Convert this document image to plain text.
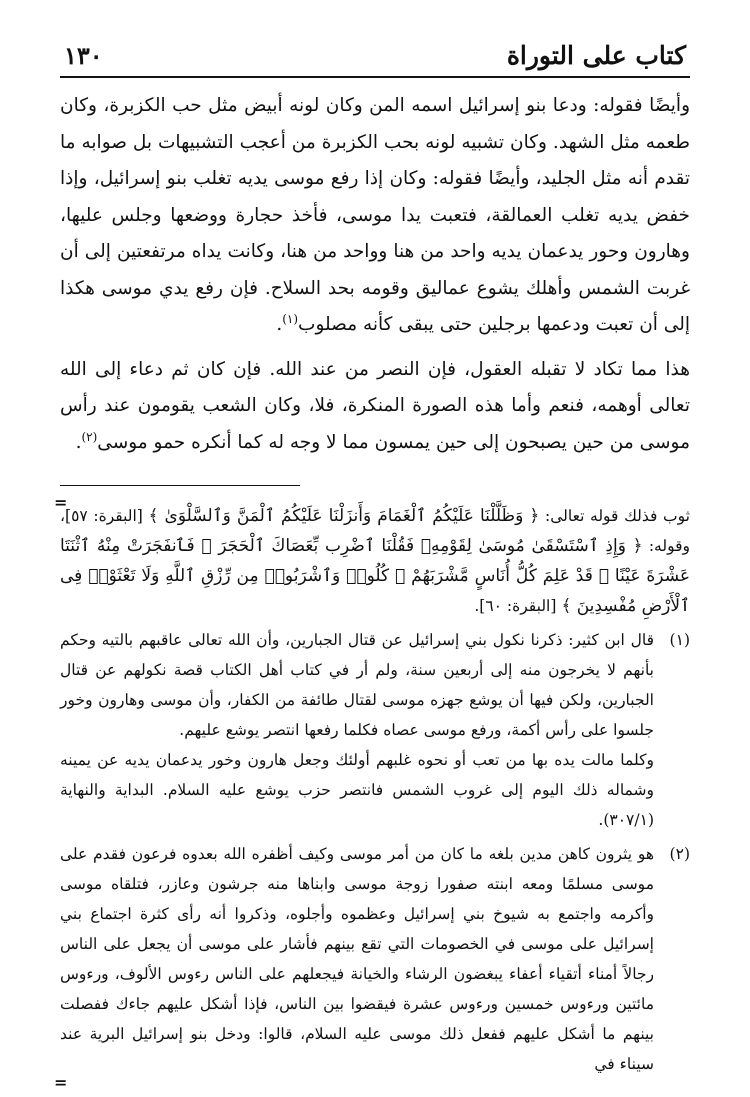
كتاب على التوراة
١٣٠

وأيضًا فقوله: ودعا بنو إسرائيل اسمه المن وكان لونه أبيض مثل حب الكزبرة، وكان طعمه مثل الشهد. وكان تشبيه لونه بحب الكزبرة من أعجب التشبيهات بل صوابه ما تقدم أنه مثل الجليد، وأيضًا فقوله: وكان إذا رفع موسى يديه تغلب بنو إسرائيل، وإذا خفض يديه تغلب العمالقة، فتعبت يدا موسى، فأخذ حجارة ووضعها وجلس عليها، وهارون وحور يدعمان يديه واحد من هنا وواحد من هنا، وكانت يداه مرتفعتين إلى أن غربت الشمس وأهلك يشوع عماليق وقومه بحد السلاح. فإن رفع يدي موسى هكذا إلى أن تعبت ودعمها برجلين حتى يبقى كأنه مصلوب$^{(١)}$.

هذا مما تكاد لا تقبله العقول، فإن النصر من عند الله. فإن كان ثم دعاء إلى الله تعالى أوهمه، فنعم وأما هذه الصورة المنكرة، فلا، وكان الشعب يقومون عند رأس موسى من حين يصبحون إلى حين يمسون مما لا وجه له كما أنكره حمو موسى$^{(٢)}$.

=
ثوب فذلك قوله تعالى: ﴿ وَظَلَّلْنَا عَلَيْكُمُ ٱلْغَمَامَ وَأَنزَلْنَا عَلَيْكُمُ ٱلْمَنَّ وَٱلسَّلْوَىٰ ﴾ [البقرة: ٥٧]، وقوله: ﴿ وَإِذِ ٱسْتَسْقَىٰ مُوسَىٰ لِقَوْمِهِۦ فَقُلْنَا ٱضْرِب بِّعَصَاكَ ٱلْحَجَرَ ۖ فَٱنفَجَرَتْ مِنْهُ ٱثْنَتَا عَشْرَةَ عَيْنًا ۖ قَدْ عَلِمَ كُلُّ أُنَاسٍ مَّشْرَبَهُمْ ۖ كُلُوا۟ وَٱشْرَبُوا۟ مِن رِّزْقِ ٱللَّهِ وَلَا تَعْثَوْا۟ فِى ٱلْأَرْضِ مُفْسِدِينَ ﴾ [البقرة: ٦٠].
(١)

قال ابن كثير: ذكرنا نكول بني إسرائيل عن قتال الجبارين، وأن الله تعالى عاقبهم بالتيه وحكم بأنهم لا يخرجون منه إلى أربعين سنة، ولم أر في كتاب أهل الكتاب قصة نكولهم عن قتال الجبارين، ولكن فيها أن يوشع جهزه موسى لقتال طائفة من الكفار، وأن موسى وهارون وخور جلسوا على رأس أكمة، ورفع موسى عصاه فكلما رفعها انتصر يوشع عليهم.

وكلما مالت يده بها من تعب أو نحوه غلبهم أولئك وجعل هارون وخور يدعمان يديه عن يمينه وشماله ذلك اليوم إلى غروب الشمس فانتصر حزب يوشع عليه السلام. البداية والنهاية (٣٠٧/١).

(٢)

هو يثرون كاهن مدين بلغه ما كان من أمر موسى وكيف أظفره الله بعدوه فرعون فقدم على موسى مسلمًا ومعه ابنته صفورا زوجة موسى وابناها منه جرشون وعازر، فتلقاه موسى وأكرمه واجتمع به شيوخ بني إسرائيل وعظموه وأجلوه، وذكروا أنه رأى كثرة اجتماع بني إسرائيل على موسى في الخصومات التي تقع بينهم فأشار على موسى أن يجعل على الناس رجالاً أمناء أتقياء أعفاء يبغضون الرشاء والخيانة فيجعلهم على الناس رءوس الألوف، ورءوس مائتين ورءوس خمسين ورءوس عشرة فيقضوا بين الناس، فإذا أشكل عليهم جاءك ففصلت بينهم ما أشكل عليهم ففعل ذلك موسى عليه السلام، قالوا: ودخل بنو إسرائيل البرية عند سيناء في

=
